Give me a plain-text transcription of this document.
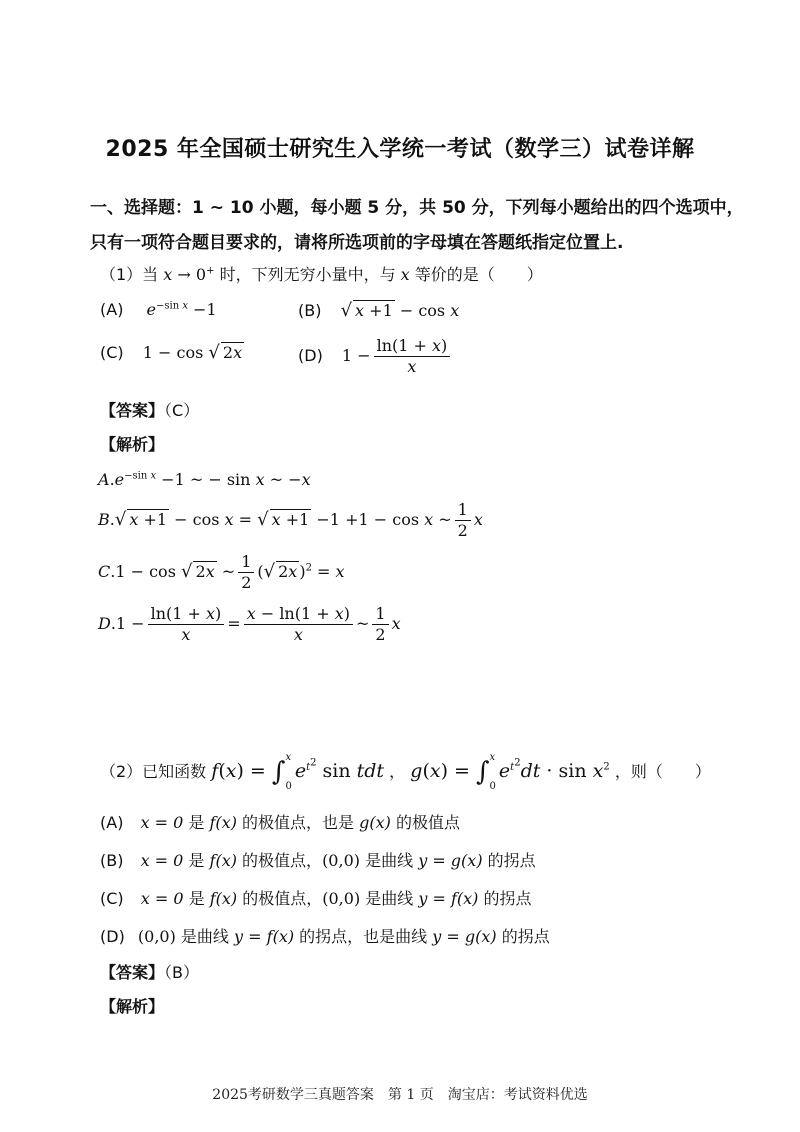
2025 年全国硕士研究生入学统一考试（数学三）试卷详解
一、选择题：1 ~ 10 小题，每小题 5 分，共 50 分，下列每小题给出的四个选项中，
只有一项符合题目要求的，请将所选项前的字母填在答题纸指定位置上.
（1）当 x → 0+ 时，下列无穷小量中，与 x 等价的是（　　）
(A) $e^{-sin x} -1$	(B) √ x +1 − cos x
(C) 1 − cos √ 2x	(D) $1 - \frac{\ln(1 + x)}{x}$
【答案】（C）
【解析】
$A.e^{-sin x} -1$ ~ − sin x ~ −x
B.√ x +1 − cos x = √ x +1 −1 +1 − cos x ~ $\frac{1}{2}$ x
C.1 − cos √ 2x ~ $\frac{1}{2}$ (√ 2x )$^2$ = x
$D.1 - \frac{\ln(1 + x)}{x} = \frac{x - \ln(1 + x)}{x}$ ~ $\frac{1}{2}$ x
（2）已知函数 f(x) = ∫ x
0
$e^{t^2}$ sin tdt ， g(x) = ∫ x
0
$e^{t^2}dt \cdot \sin x^2$ ，则（　　）
(A) x = 0 是 f(x) 的极值点，也是 g(x) 的极值点
(B) x = 0 是 f(x) 的极值点，(0,0) 是曲线 y = g(x) 的拐点
(C) x = 0 是 f(x) 的极值点，(0,0) 是曲线 y = f(x) 的拐点
(D) (0,0) 是曲线 y = f(x) 的拐点，也是曲线 y = g(x) 的拐点
【答案】（B）
【解析】
2025考研数学三真题答案　第 1 页　淘宝店：考试资料优选
